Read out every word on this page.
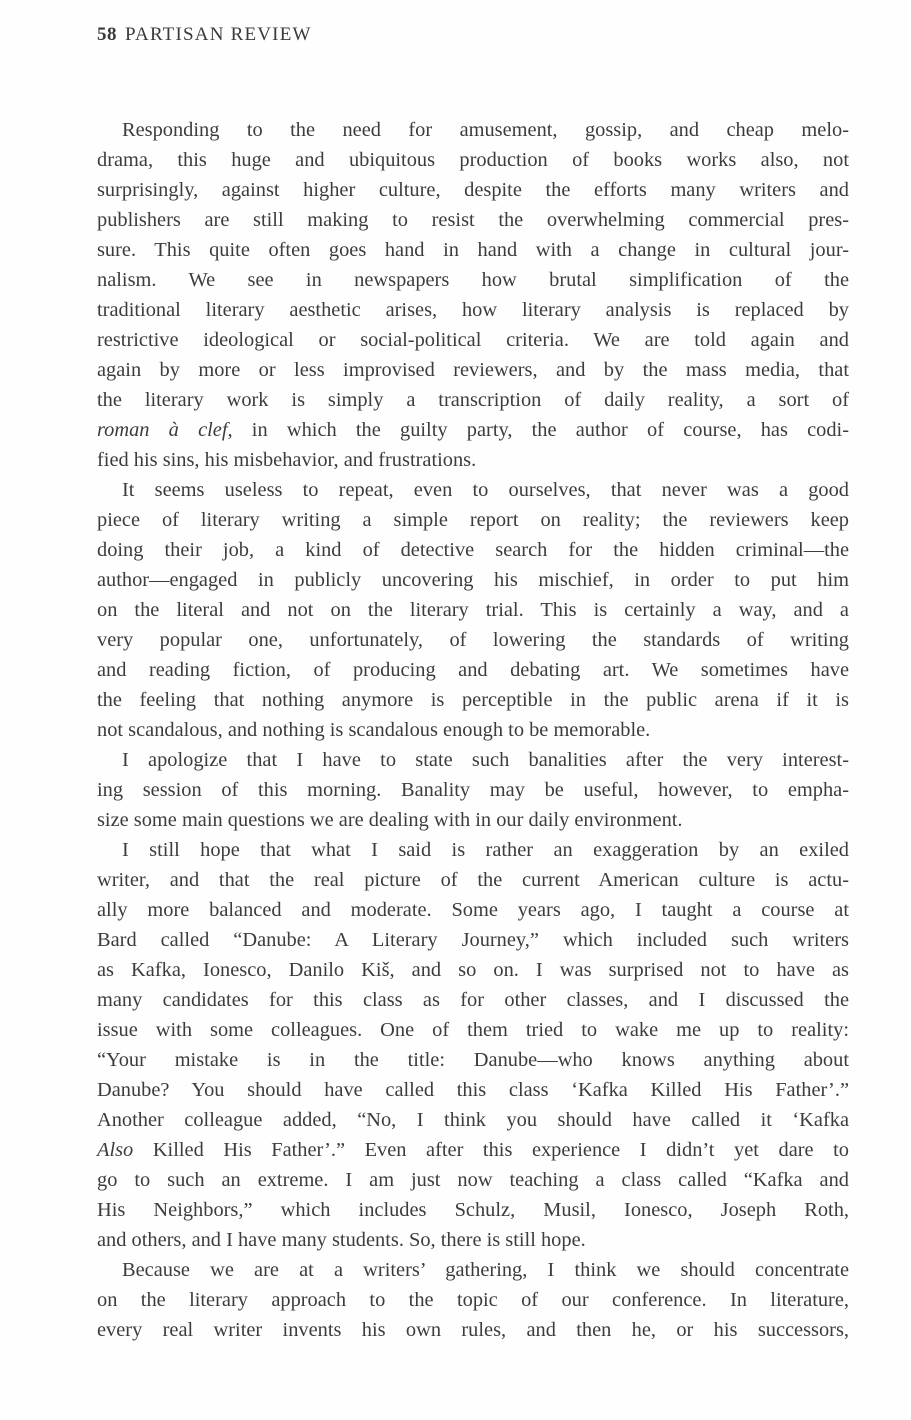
58 PARTISAN REVIEW
Responding to the need for amusement, gossip, and cheap melo-
drama, this huge and ubiquitous production of books works also, not
surprisingly, against higher culture, despite the efforts many writers and
publishers are still making to resist the overwhelming commercial pres-
sure. This quite often goes hand in hand with a change in cultural jour-
nalism. We see in newspapers how brutal simplification of the
traditional literary aesthetic arises, how literary analysis is replaced by
restrictive ideological or social-political criteria. We are told again and
again by more or less improvised reviewers, and by the mass media, that
the literary work is simply a transcription of daily reality, a sort of
roman à clef, in which the guilty party, the author of course, has codi-
fied his sins, his misbehavior, and frustrations.
It seems useless to repeat, even to ourselves, that never was a good
piece of literary writing a simple report on reality; the reviewers keep
doing their job, a kind of detective search for the hidden criminal—the
author—engaged in publicly uncovering his mischief, in order to put him
on the literal and not on the literary trial. This is certainly a way, and a
very popular one, unfortunately, of lowering the standards of writing
and reading fiction, of producing and debating art. We sometimes have
the feeling that nothing anymore is perceptible in the public arena if it is
not scandalous, and nothing is scandalous enough to be memorable.
I apologize that I have to state such banalities after the very interest-
ing session of this morning. Banality may be useful, however, to empha-
size some main questions we are dealing with in our daily environment.
I still hope that what I said is rather an exaggeration by an exiled
writer, and that the real picture of the current American culture is actu-
ally more balanced and moderate. Some years ago, I taught a course at
Bard called “Danube: A Literary Journey,” which included such writers
as Kafka, Ionesco, Danilo Kiš, and so on. I was surprised not to have as
many candidates for this class as for other classes, and I discussed the
issue with some colleagues. One of them tried to wake me up to reality:
“Your mistake is in the title: Danube—who knows anything about
Danube? You should have called this class ‘Kafka Killed His Father’.”
Another colleague added, “No, I think you should have called it ‘Kafka
Also Killed His Father’.” Even after this experience I didn’t yet dare to
go to such an extreme. I am just now teaching a class called “Kafka and
His Neighbors,” which includes Schulz, Musil, Ionesco, Joseph Roth,
and others, and I have many students. So, there is still hope.
Because we are at a writers’ gathering, I think we should concentrate
on the literary approach to the topic of our conference. In literature,
every real writer invents his own rules, and then he, or his successors,
